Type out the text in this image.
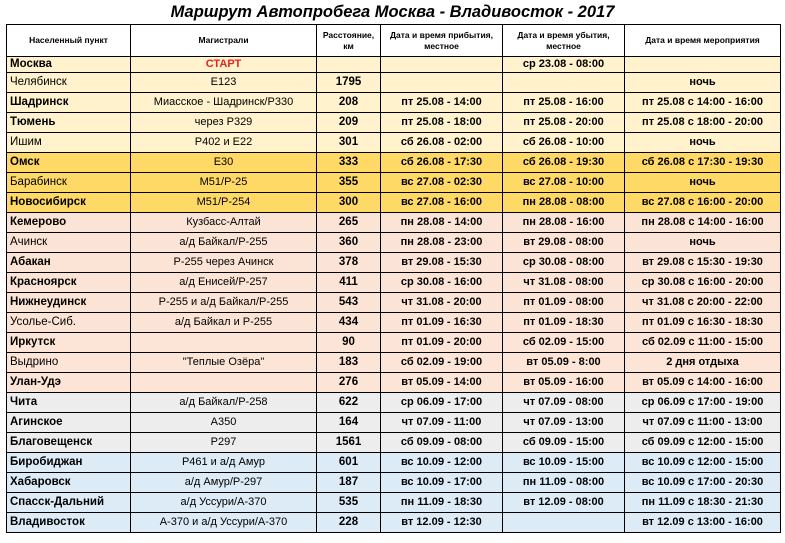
Маршрут Автопробега Москва - Владивосток - 2017
Населенный пункт	Магистрали	Расстояние, км	Дата и время прибытия, местное	Дата и время убытия, местное	Дата и время мероприятия
Москва	СТАРТ			ср 23.08 - 08:00	
Челябинск	E123	1795			ночь
Шадринск	Миасское - Шадринск/Р330	208	пт 25.08 - 14:00	пт 25.08 - 16:00	пт 25.08 с 14:00 - 16:00
Тюмень	через Р329	209	пт 25.08 - 18:00	пт 25.08 - 20:00	пт 25.08 с 18:00 - 20:00
Ишим	Р402 и Е22	301	сб 26.08 - 02:00	сб 26.08 - 10:00	ночь
Омск	Е30	333	сб 26.08 - 17:30	сб 26.08 - 19:30	сб 26.08 с 17:30 - 19:30
Барабинск	М51/Р-25	355	вс 27.08 - 02:30	вс 27.08 - 10:00	ночь
Новосибирск	М51/Р-254	300	вс 27.08 - 16:00	пн 28.08 - 08:00	вс 27.08 с 16:00 - 20:00
Кемерово	Кузбасс-Алтай	265	пн 28.08 - 14:00	пн 28.08 - 16:00	пн 28.08 с 14:00 - 16:00
Ачинск	а/д Байкал/Р-255	360	пн 28.08 - 23:00	вт 29.08 - 08:00	ночь
Абакан	Р-255 через Ачинск	378	вт 29.08 - 15:30	ср 30.08 - 08:00	вт 29.08 с 15:30 - 19:30
Красноярск	а/д Енисей/Р-257	411	ср 30.08 - 16:00	чт 31.08 - 08:00	ср 30.08 с 16:00 - 20:00
Нижнеудинск	Р-255 и а/д Байкал/Р-255	543	чт 31.08 - 20:00	пт 01.09 - 08:00	чт 31.08 с 20:00 - 22:00
Усолье-Сиб.	а/д Байкал и Р-255	434	пт 01.09 - 16:30	пт 01.09 - 18:30	пт 01.09 с 16:30 - 18:30
Иркутск		90	пт 01.09 - 20:00	сб 02.09 - 15:00	сб 02.09 с 11:00 - 15:00
Выдрино	"Теплые Озёра"	183	сб 02.09 - 19:00	вт 05.09 - 8:00	2 дня отдыха
Улан-Удэ		276	вт 05.09 - 14:00	вт 05.09 - 16:00	вт 05.09 с 14:00 - 16:00
Чита	а/д Байкал/Р-258	622	ср 06.09 - 17:00	чт 07.09 - 08:00	ср 06.09 с 17:00 - 19:00
Агинское	А350	164	чт 07.09 - 11:00	чт 07.09 - 13:00	чт 07.09 с 11:00 - 13:00
Благовещенск	Р297	1561	сб 09.09 - 08:00	сб 09.09 - 15:00	сб 09.09 с 12:00 - 15:00
Биробиджан	Р461 и а/д Амур	601	вс 10.09 - 12:00	вс 10.09 - 15:00	вс 10.09 с 12:00 - 15:00
Хабаровск	а/д Амур/Р-297	187	вс 10.09 - 17:00	пн 11.09 - 08:00	вс 10.09 с 17:00 - 20:30
Спасск-Дальний	а/д Уссури/А-370	535	пн 11.09 - 18:30	вт 12.09 - 08:00	пн 11.09 с 18:30 - 21:30
Владивосток	А-370 и а/д Уссури/А-370	228	вт 12.09 - 12:30		вт 12.09 с 13:00 - 16:00
